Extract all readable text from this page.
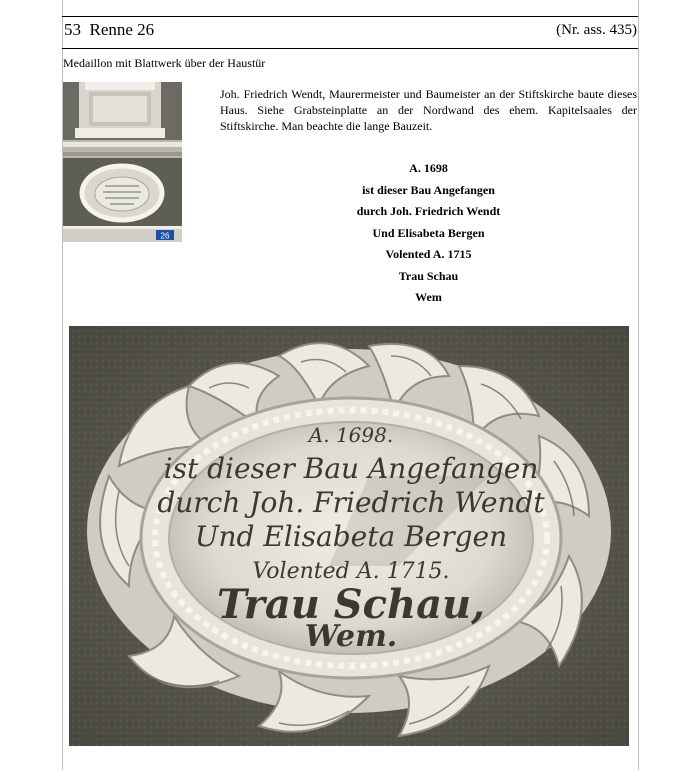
53  Renne 26	(Nr. ass. 435)
Medaillon mit Blattwerk über der Haustür
26
Joh. Friedrich Wendt, Maurermeister und Baumeister an der Stiftskirche baute dieses Haus. Siehe Grabsteinplatte an der Nordwand des ehem. Kapitelsaales der Stiftskirche. Man beachte die lange Bauzeit.
A. 1698
ist dieser Bau Angefangen
durch Joh. Friedrich Wendt
Und Elisabeta Bergen
Volented A. 1715
Trau Schau
Wem
A. 1698.
ist dieser Bau Angefangen
durch Joh. Friedrich Wendt
Und Elisabeta Bergen
Volented A. 1715.
Trau Schau,
Wem.
